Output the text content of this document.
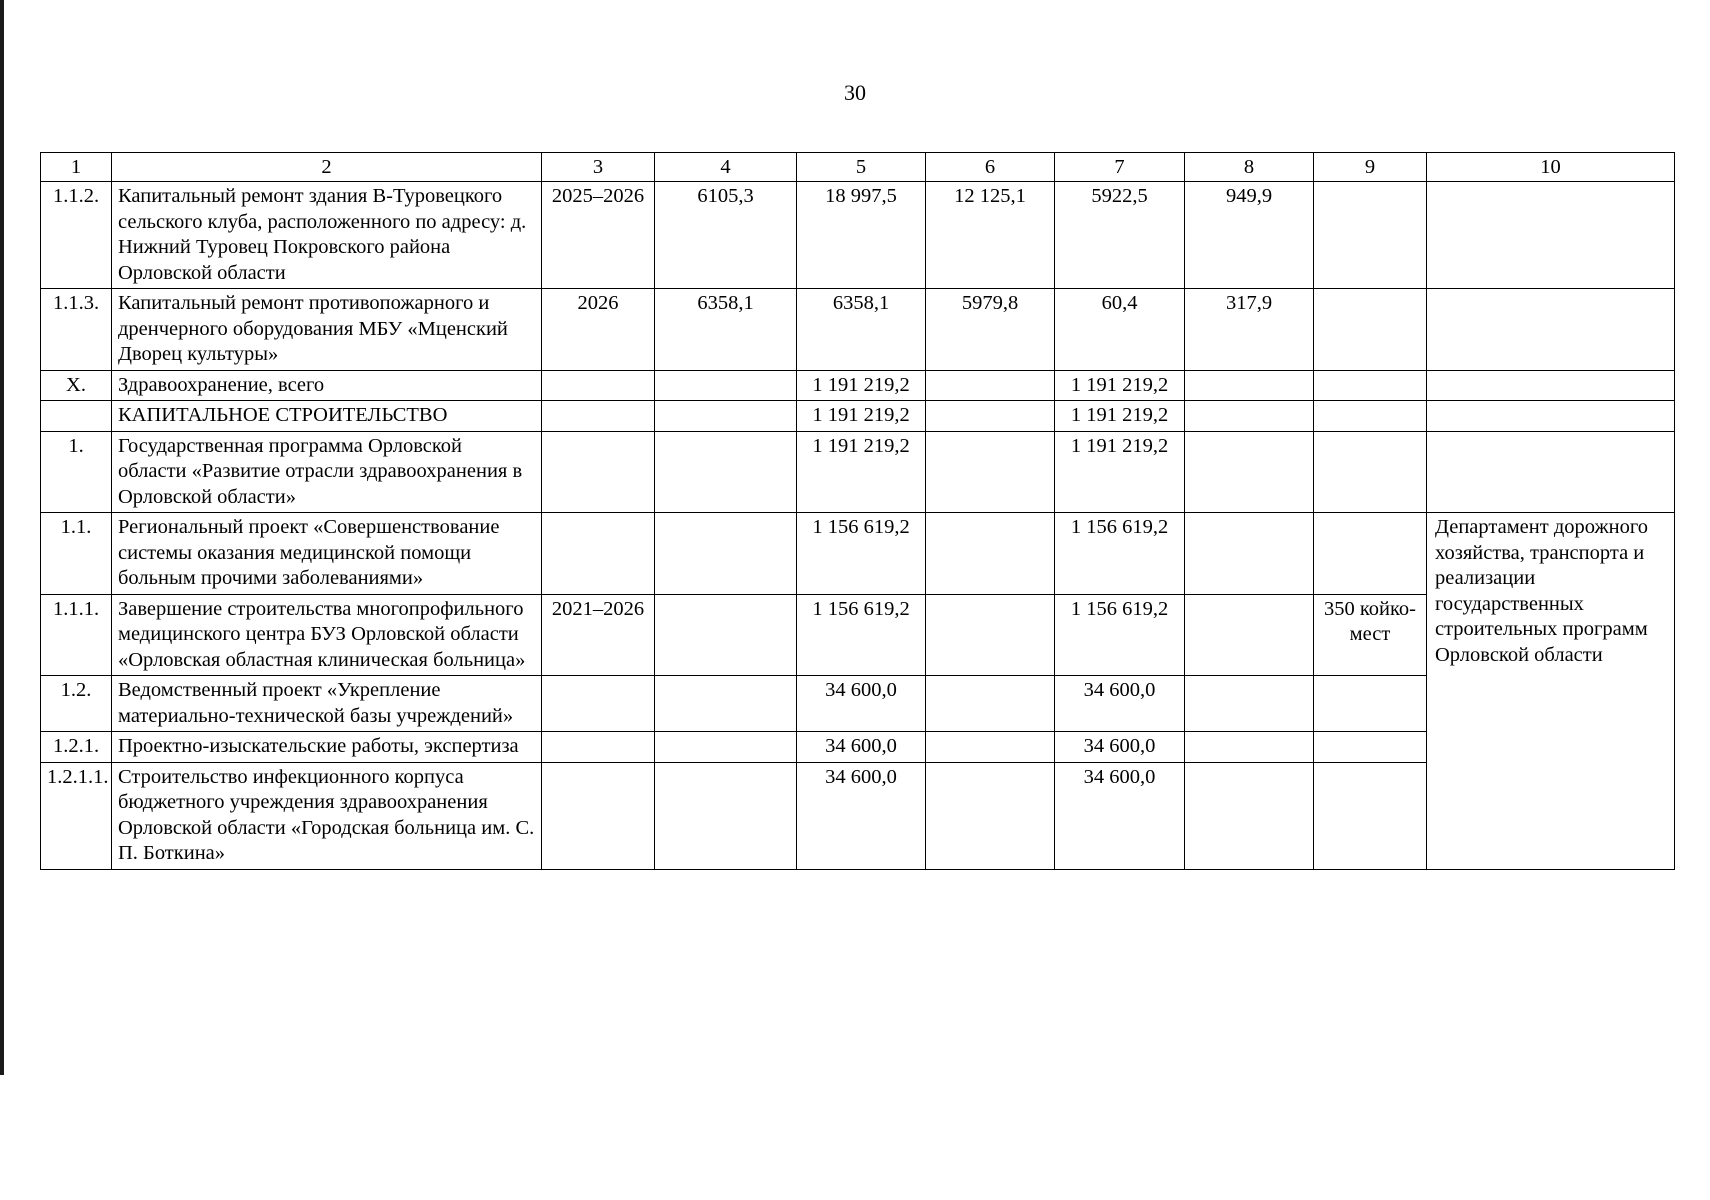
30
1	2	3	4	5	6	7	8	9	10
1.1.2.	Капитальный ремонт здания В-Туровецкого сельского клуба, расположенного по адресу: д. Нижний Туровец Покровского района Орловской области	2025–2026	6105,3	18 997,5	12 125,1	5922,5	949,9		
1.1.3.	Капитальный ремонт противопожарного и дренчерного оборудования МБУ «Мценский Дворец культуры»	2026	6358,1	6358,1	5979,8	60,4	317,9		
X.	Здравоохранение, всего			1 191 219,2		1 191 219,2			
	КАПИТАЛЬНОЕ СТРОИТЕЛЬСТВО			1 191 219,2		1 191 219,2			
1.	Государственная программа Орловской области «Развитие отрасли здравоохранения в Орловской области»			1 191 219,2		1 191 219,2			
1.1.	Региональный проект «Совершенствование системы оказания медицинской помощи больным прочими заболеваниями»			1 156 619,2		1 156 619,2			Департамент дорожного хозяйства, транспорта и реализации государственных строительных программ Орловской области
1.1.1.	Завершение строительства многопрофильного медицинского центра БУЗ Орловской области «Орловская областная клиническая больница»	2021–2026		1 156 619,2		1 156 619,2		350 койко-мест	
1.2.	Ведомственный проект «Укрепление материально-технической базы учреждений»			34 600,0		34 600,0			
1.2.1.	Проектно-изыскательские работы, экспертиза			34 600,0		34 600,0			
1.2.1.1.	Строительство инфекционного корпуса бюджетного учреждения здравоохранения Орловской области «Городская больница им. С. П. Боткина»			34 600,0		34 600,0			
